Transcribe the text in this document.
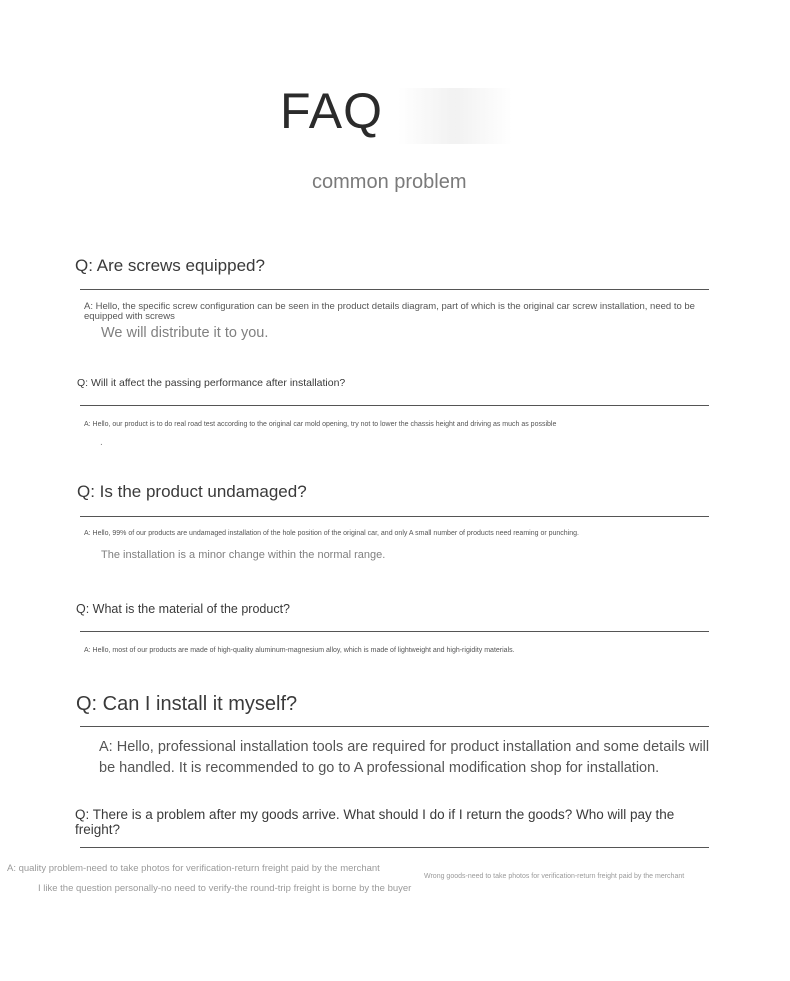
FAQ
common problem
Q: Are screws equipped?
A: Hello, the specific screw configuration can be seen in the product details diagram, part of which is the original car screw installation, need to be equipped with screws
We will distribute it to you.
Q: Will it affect the passing performance after installation?
A: Hello, our product is to do real road test according to the original car mold opening, try not to lower the chassis height and driving as much as possible
.
Q: Is the product undamaged?
A: Hello, 99% of our products are undamaged installation of the hole position of the original car, and only A small number of products need reaming or punching.
The installation is a minor change within the normal range.
Q: What is the material of the product?
A: Hello, most of our products are made of high-quality aluminum-magnesium alloy, which is made of lightweight and high-rigidity materials.
Q: Can I install it myself?
A: Hello, professional installation tools are required for product installation and some details will be handled. It is recommended to go to A professional modification shop for installation.
Q: There is a problem after my goods arrive. What should I do if I return the goods? Who will pay the freight?
A: quality problem-need to take photos for verification-return freight paid by the merchant
Wrong goods-need to take photos for verification-return freight paid by the merchant
I like the question personally-no need to verify-the round-trip freight is borne by the buyer
